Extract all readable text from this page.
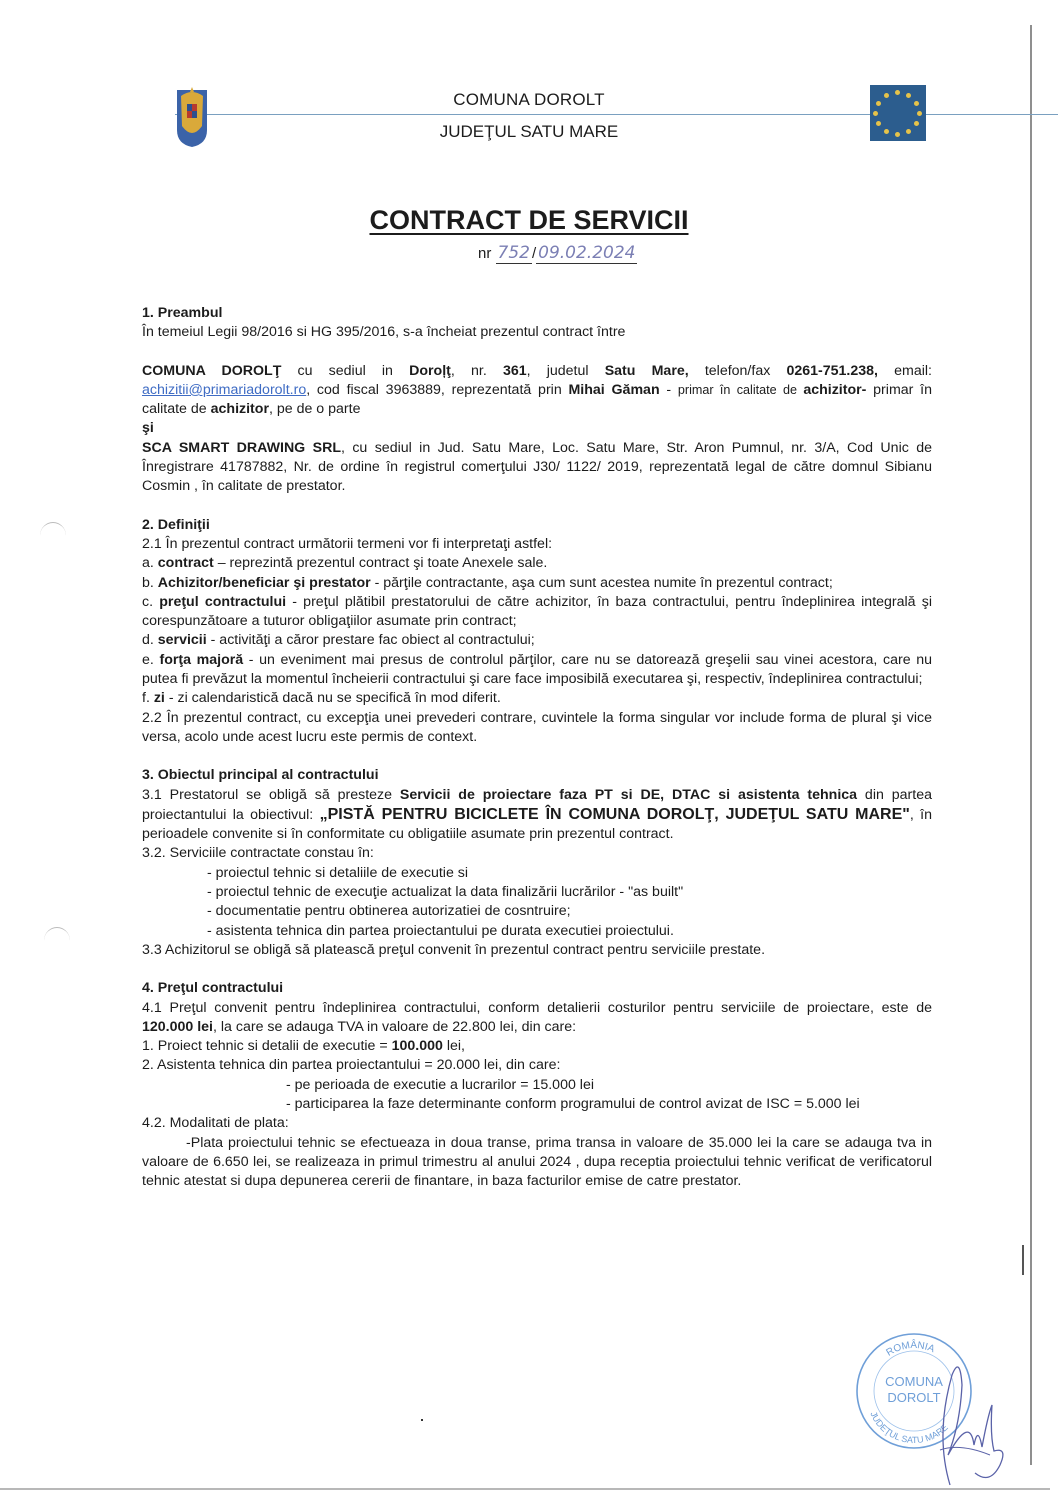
COMUNA DOROLT
JUDEŢUL SATU MARE
CONTRACT DE SERVICII
nr 752 / 09.02.2024

1. Preambul

În temeiul Legii 98/2016 si HG 395/2016, s-a încheiat prezentul contract între

COMUNA DOROLŢ cu sediul in Doroļţ, nr. 361, judetul Satu Mare, telefon/fax 0261-751.238, email: achizitii@primariadorolt.ro, cod fiscal 3963889, reprezentată prin Mihai Găman - primar în calitate de achizitor- primar în calitate de achizitor, pe de o parte

şi

SCA SMART DRAWING SRL, cu sediul in Jud. Satu Mare, Loc. Satu Mare, Str. Aron Pumnul, nr. 3/A, Cod Unic de Înregistrare 41787882, Nr. de ordine în registrul comerţului J30/ 1122/ 2019, reprezentată legal de către domnul Sibianu Cosmin , în calitate de prestator.

2. Definiţii

2.1 În prezentul contract următorii termeni vor fi interpretaţi astfel:

a. contract – reprezintă prezentul contract şi toate Anexele sale.

b. Achizitor/beneficiar şi prestator - părţile contractante, aşa cum sunt acestea numite în prezentul contract;

c. preţul contractului - preţul plătibil prestatorului de către achizitor, în baza contractului, pentru îndeplinirea integrală şi corespunzătoare a tuturor obligaţiilor asumate prin contract;

d. servicii - activităţi a căror prestare fac obiect al contractului;

e. forţa majoră - un eveniment mai presus de controlul părţilor, care nu se datorează greşelii sau vinei acestora, care nu putea fi prevăzut la momentul încheierii contractului şi care face imposibilă executarea şi, respectiv, îndeplinirea contractului;

f. zi - zi calendaristică dacă nu se specifică în mod diferit.

2.2 În prezentul contract, cu excepţia unei prevederi contrare, cuvintele la forma singular vor include forma de plural şi vice versa, acolo unde acest lucru este permis de context.

3. Obiectul principal al contractului

3.1 Prestatorul se obligă să presteze Servicii de proiectare faza PT si DE, DTAC si asistenta tehnica din partea proiectantului la obiectivul: „PISTĂ PENTRU BICICLETE ÎN COMUNA DOROLŢ, JUDEŢUL SATU MARE", în perioadele convenite si în conformitate cu obligatiile asumate prin prezentul contract.

3.2. Serviciile contractate constau în:

- proiectul tehnic si detaliile de executie si

- proiectul tehnic de execuţie actualizat la data finalizării lucrărilor - "as built"

- documentatie pentru obtinerea autorizatiei de cosntruire;

- asistenta tehnica din partea proiectantului pe durata executiei proiectului.

3.3 Achizitorul se obligă să platească preţul convenit în prezentul contract pentru serviciile prestate.

4. Preţul contractului

4.1 Preţul convenit pentru îndeplinirea contractului, conform detalierii costurilor pentru serviciile de proiectare, este de 120.000 lei, la care se adauga TVA in valoare de 22.800 lei, din care:

1. Proiect tehnic si detalii de executie = 100.000 lei,

2. Asistenta tehnica din partea proiectantului = 20.000 lei, din care:

- pe perioada de executie a lucrarilor = 15.000 lei

- participarea la faze determinante conform programului de control avizat de ISC = 5.000 lei

4.2. Modalitati de plata:

-Plata proiectului tehnic se efectueaza in doua transe, prima transa in valoare de 35.000 lei la care se adauga tva in valoare de 6.650 lei, se realizeaza in primul trimestru al anului 2024 , dupa receptia proiectului tehnic verificat de verificatorul tehnic atestat si dupa depunerea cererii de finantare, in baza facturilor emise de catre prestator.

ROMÂNIA
COMUNA
DOROLT
JUDEŢUL SATU MARE
